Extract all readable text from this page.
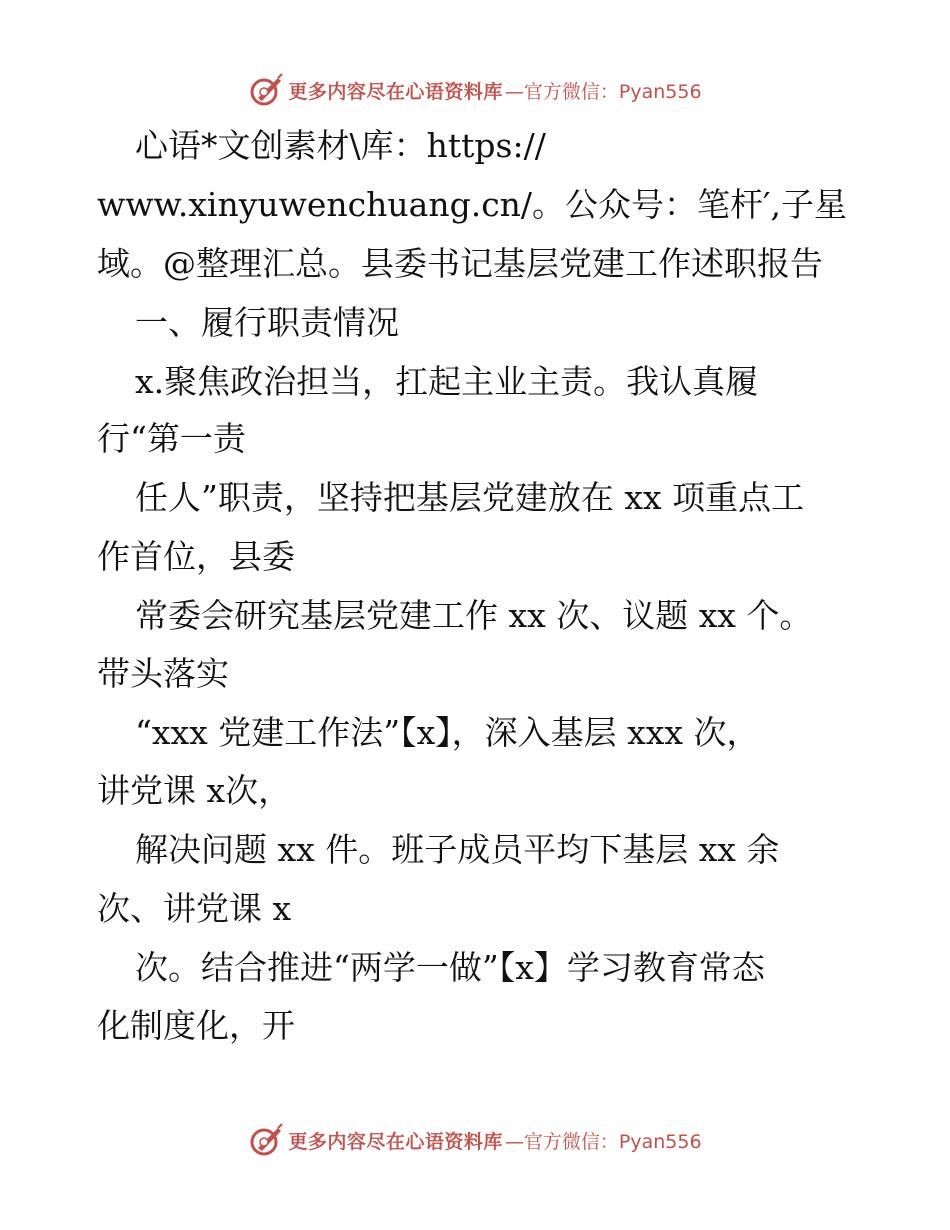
更多内容尽在心语资料库 —官方微信：Pyan556
心语*文创素材\库：https://
www.xinyuwenchuang.cn/。公众号：笔杆′,子星
域。@整理汇总。县委书记基层党建工作述职报告
一、履行职责情况
x.聚焦政治担当，扛起主业主责。我认真履
行“第一责
任人”职责，坚持把基层党建放在 xx 项重点工
作首位，县委
常委会研究基层党建工作 xx 次、议题 xx 个。
带头落实
“xxx 党建工作法”【x】，深入基层 xxx 次，
讲党课 x次，
解决问题 xx 件。班子成员平均下基层 xx 余
次、讲党课 x
次。结合推进“两学一做”【x】学习教育常态
化制度化，开
更多内容尽在心语资料库 —官方微信：Pyan556
